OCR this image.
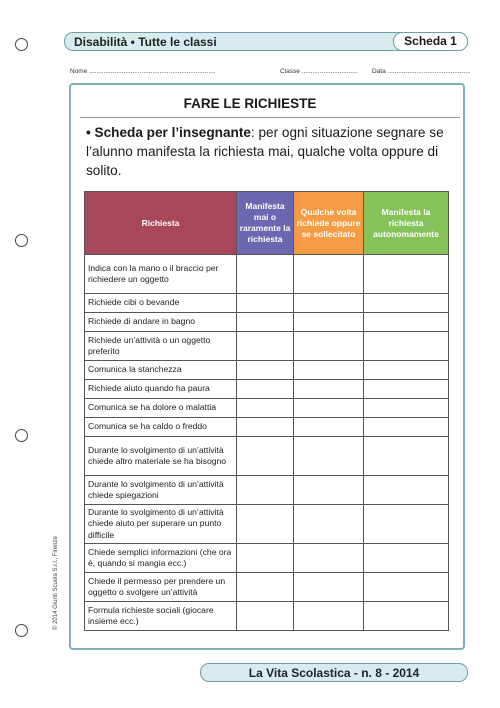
Disabilità • Tutte le classi	Scheda 1
Nome ......................................................................	Classe ............................... Data ..............................................
FARE LE RICHIESTE
• Scheda per l’insegnante: per ogni situazione segnare se l’alunno manifesta la richiesta mai, qualche volta oppure di solito.
Richiesta	Manifesta mai o raramente la richiesta	Qualche volta richiede oppure se sollecitato	Manifesta la richiesta autonomamente
Indica con la mano o il braccio per richiedere un oggetto			
Richiede cibi o bevande			
Richiede di andare in bagno			
Richiede un’attività o un oggetto preferito			
Comunica la stanchezza			
Richiede aiuto quando ha paura			
Comunica se ha dolore o malattia			
Comunica se ha caldo o freddo			
Durante lo svolgimento di un’attività chiede altro materiale se ha bisogno			
Durante lo svolgimento di un’attività chiede spiegazioni			
Durante lo svolgimento di un’attività chiede aiuto per superare un punto difficile			
Chiede semplici informazioni (che ora è, quando si mangia ecc.)			
Chiede il permesso per prendere un oggetto o svolgere un’attività			
Formula richieste sociali (giocare insieme ecc.)			
© 2014 Giunti Scuola S.r.l., Firenze
La Vita Scolastica - n. 8 - 2014
